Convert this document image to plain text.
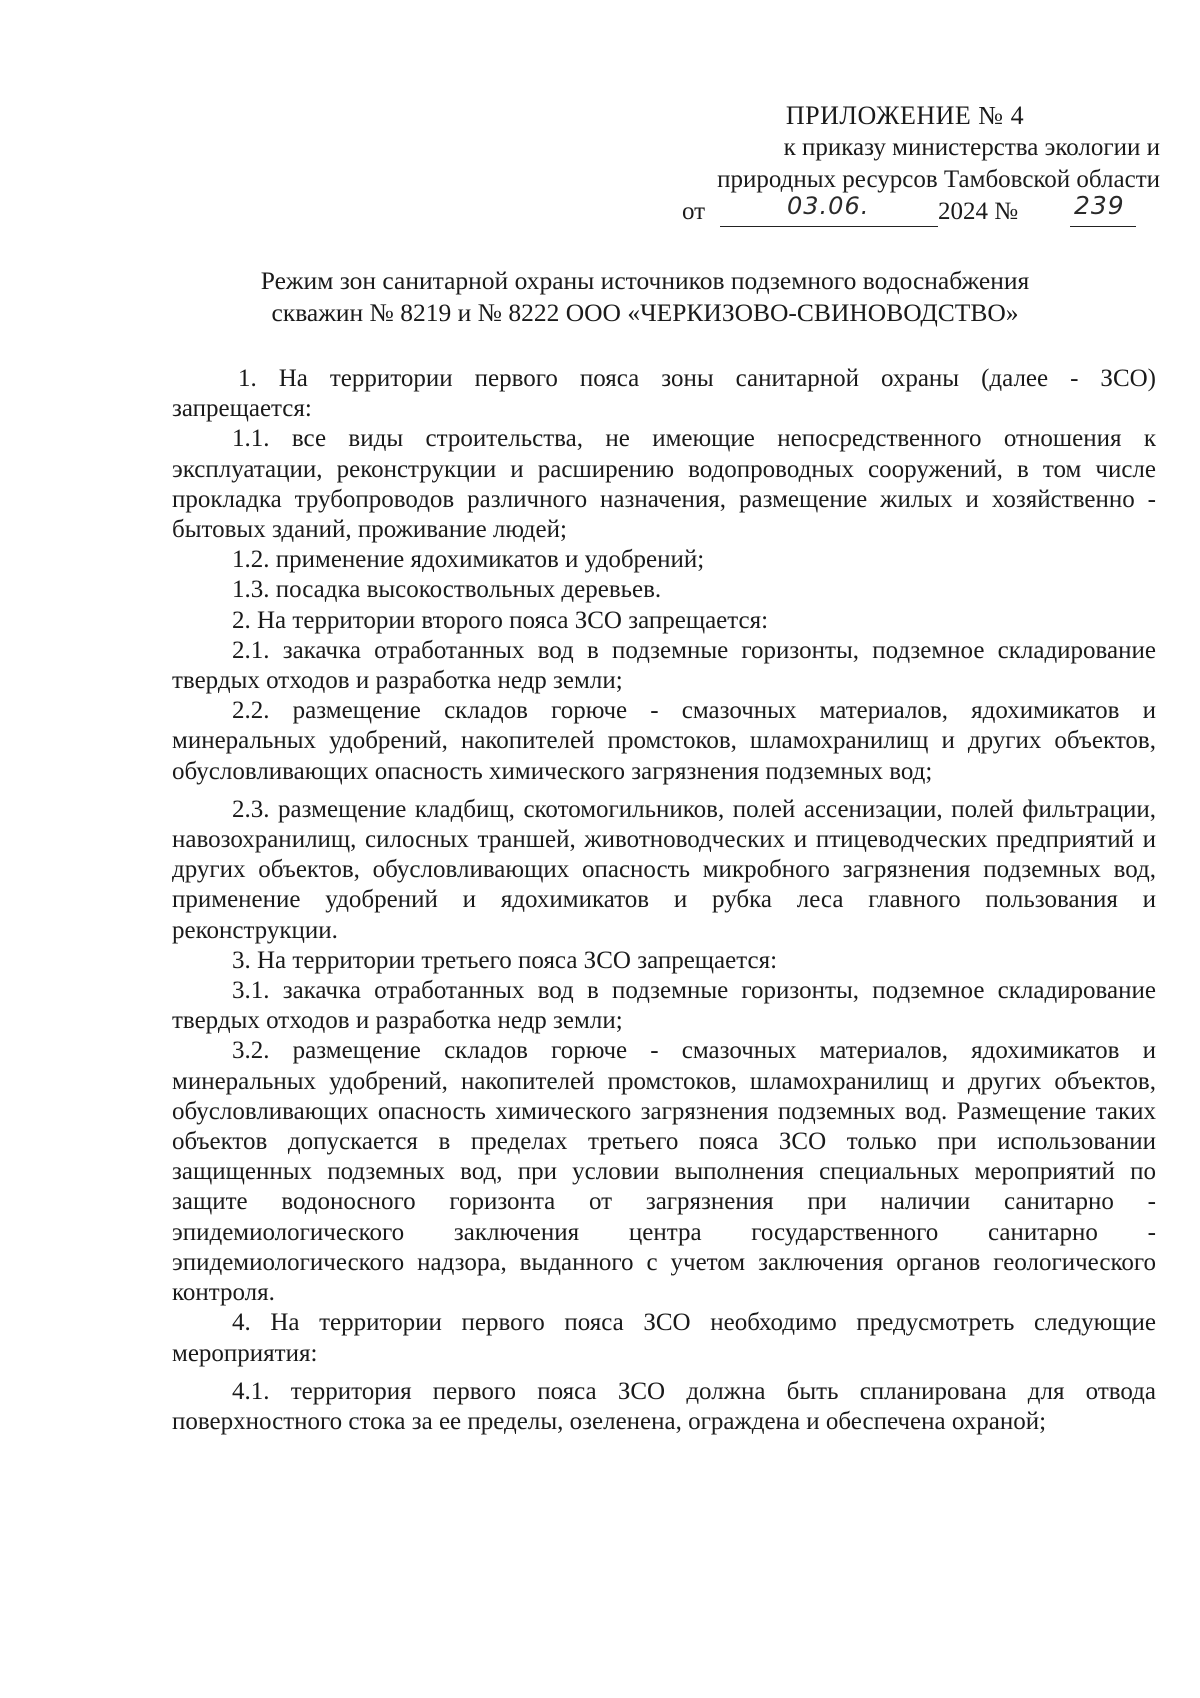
ПРИЛОЖЕНИЕ № 4
к приказу министерства экологии и
природных ресурсов Тамбовской области
от	03.06.	2024 № 239
Режим зон санитарной охраны источников подземного водоснабжения
скважин № 8219 и № 8222 ООО «ЧЕРКИЗОВО-СВИНОВОДСТВО»

1. На территории первого пояса зоны санитарной охраны (далее - ЗСО) запрещается:

1.1. все виды строительства, не имеющие непосредственного отношения к эксплуатации, реконструкции и расширению водопроводных сооружений, в том числе прокладка трубопроводов различного назначения, размещение жилых и хозяйственно - бытовых зданий, проживание людей;

1.2. применение ядохимикатов и удобрений;

1.3. посадка высокоствольных деревьев.

2. На территории второго пояса ЗСО запрещается:

2.1. закачка отработанных вод в подземные горизонты, подземное складирование твердых отходов и разработка недр земли;

2.2. размещение складов горюче - смазочных материалов, ядохимикатов и минеральных удобрений, накопителей промстоков, шламохранилищ и других объектов, обусловливающих опасность химического загрязнения подземных вод;

2.3. размещение кладбищ, скотомогильников, полей ассенизации, полей фильтрации, навозохранилищ, силосных траншей, животноводческих и птицеводческих предприятий и других объектов, обусловливающих опасность микробного загрязнения подземных вод, применение удобрений и ядохимикатов и рубка леса главного пользования и реконструкции.

3. На территории третьего пояса ЗСО запрещается:

3.1. закачка отработанных вод в подземные горизонты, подземное складирование твердых отходов и разработка недр земли;

3.2. размещение складов горюче - смазочных материалов, ядохимикатов и минеральных удобрений, накопителей промстоков, шламохранилищ и других объектов, обусловливающих опасность химического загрязнения подземных вод. Размещение таких объектов допускается в пределах третьего пояса ЗСО только при использовании защищенных подземных вод, при условии выполнения специальных мероприятий по защите водоносного горизонта от загрязнения при наличии санитарно - эпидемиологического заключения центра государственного санитарно - эпидемиологического надзора, выданного с учетом заключения органов геологического контроля.

4. На территории первого пояса ЗСО необходимо предусмотреть следующие мероприятия:

4.1. территория первого пояса ЗСО должна быть спланирована для отвода поверхностного стока за ее пределы, озеленена, ограждена и обеспечена охраной;
